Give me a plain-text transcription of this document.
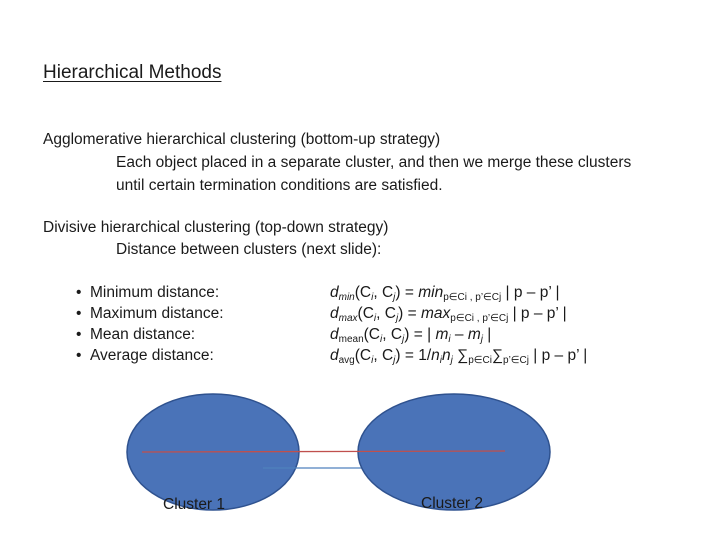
Hierarchical Methods
Agglomerative hierarchical clustering (bottom-up strategy)
Each object placed in a separate cluster, and then we merge these clusters
until certain termination conditions are satisfied.
Divisive hierarchical clustering (top-down strategy)
Distance between clusters (next slide):
• Minimum distance:
• Maximum distance:
• Mean distance:
• Average distance:
$d_{min}(C_i$, $C_j) = \min_{p\in Ci , p’\in Cj}$ | p – p’ |
$d_{max}(C_i$, $C_j) = \max_{p\in Ci , p’\in Cj}$ | p – p’ |
$d_{mean}(C_i$, $C_j$) = | $m_i - m_j$ |
$d_{avg}(C_i$, $C_j) = 1/n_in_j$ $\sum_{p\in Ci}\sum_{p’\in Cj}$ | p – p’ |
Cluster 1	Cluster 2
